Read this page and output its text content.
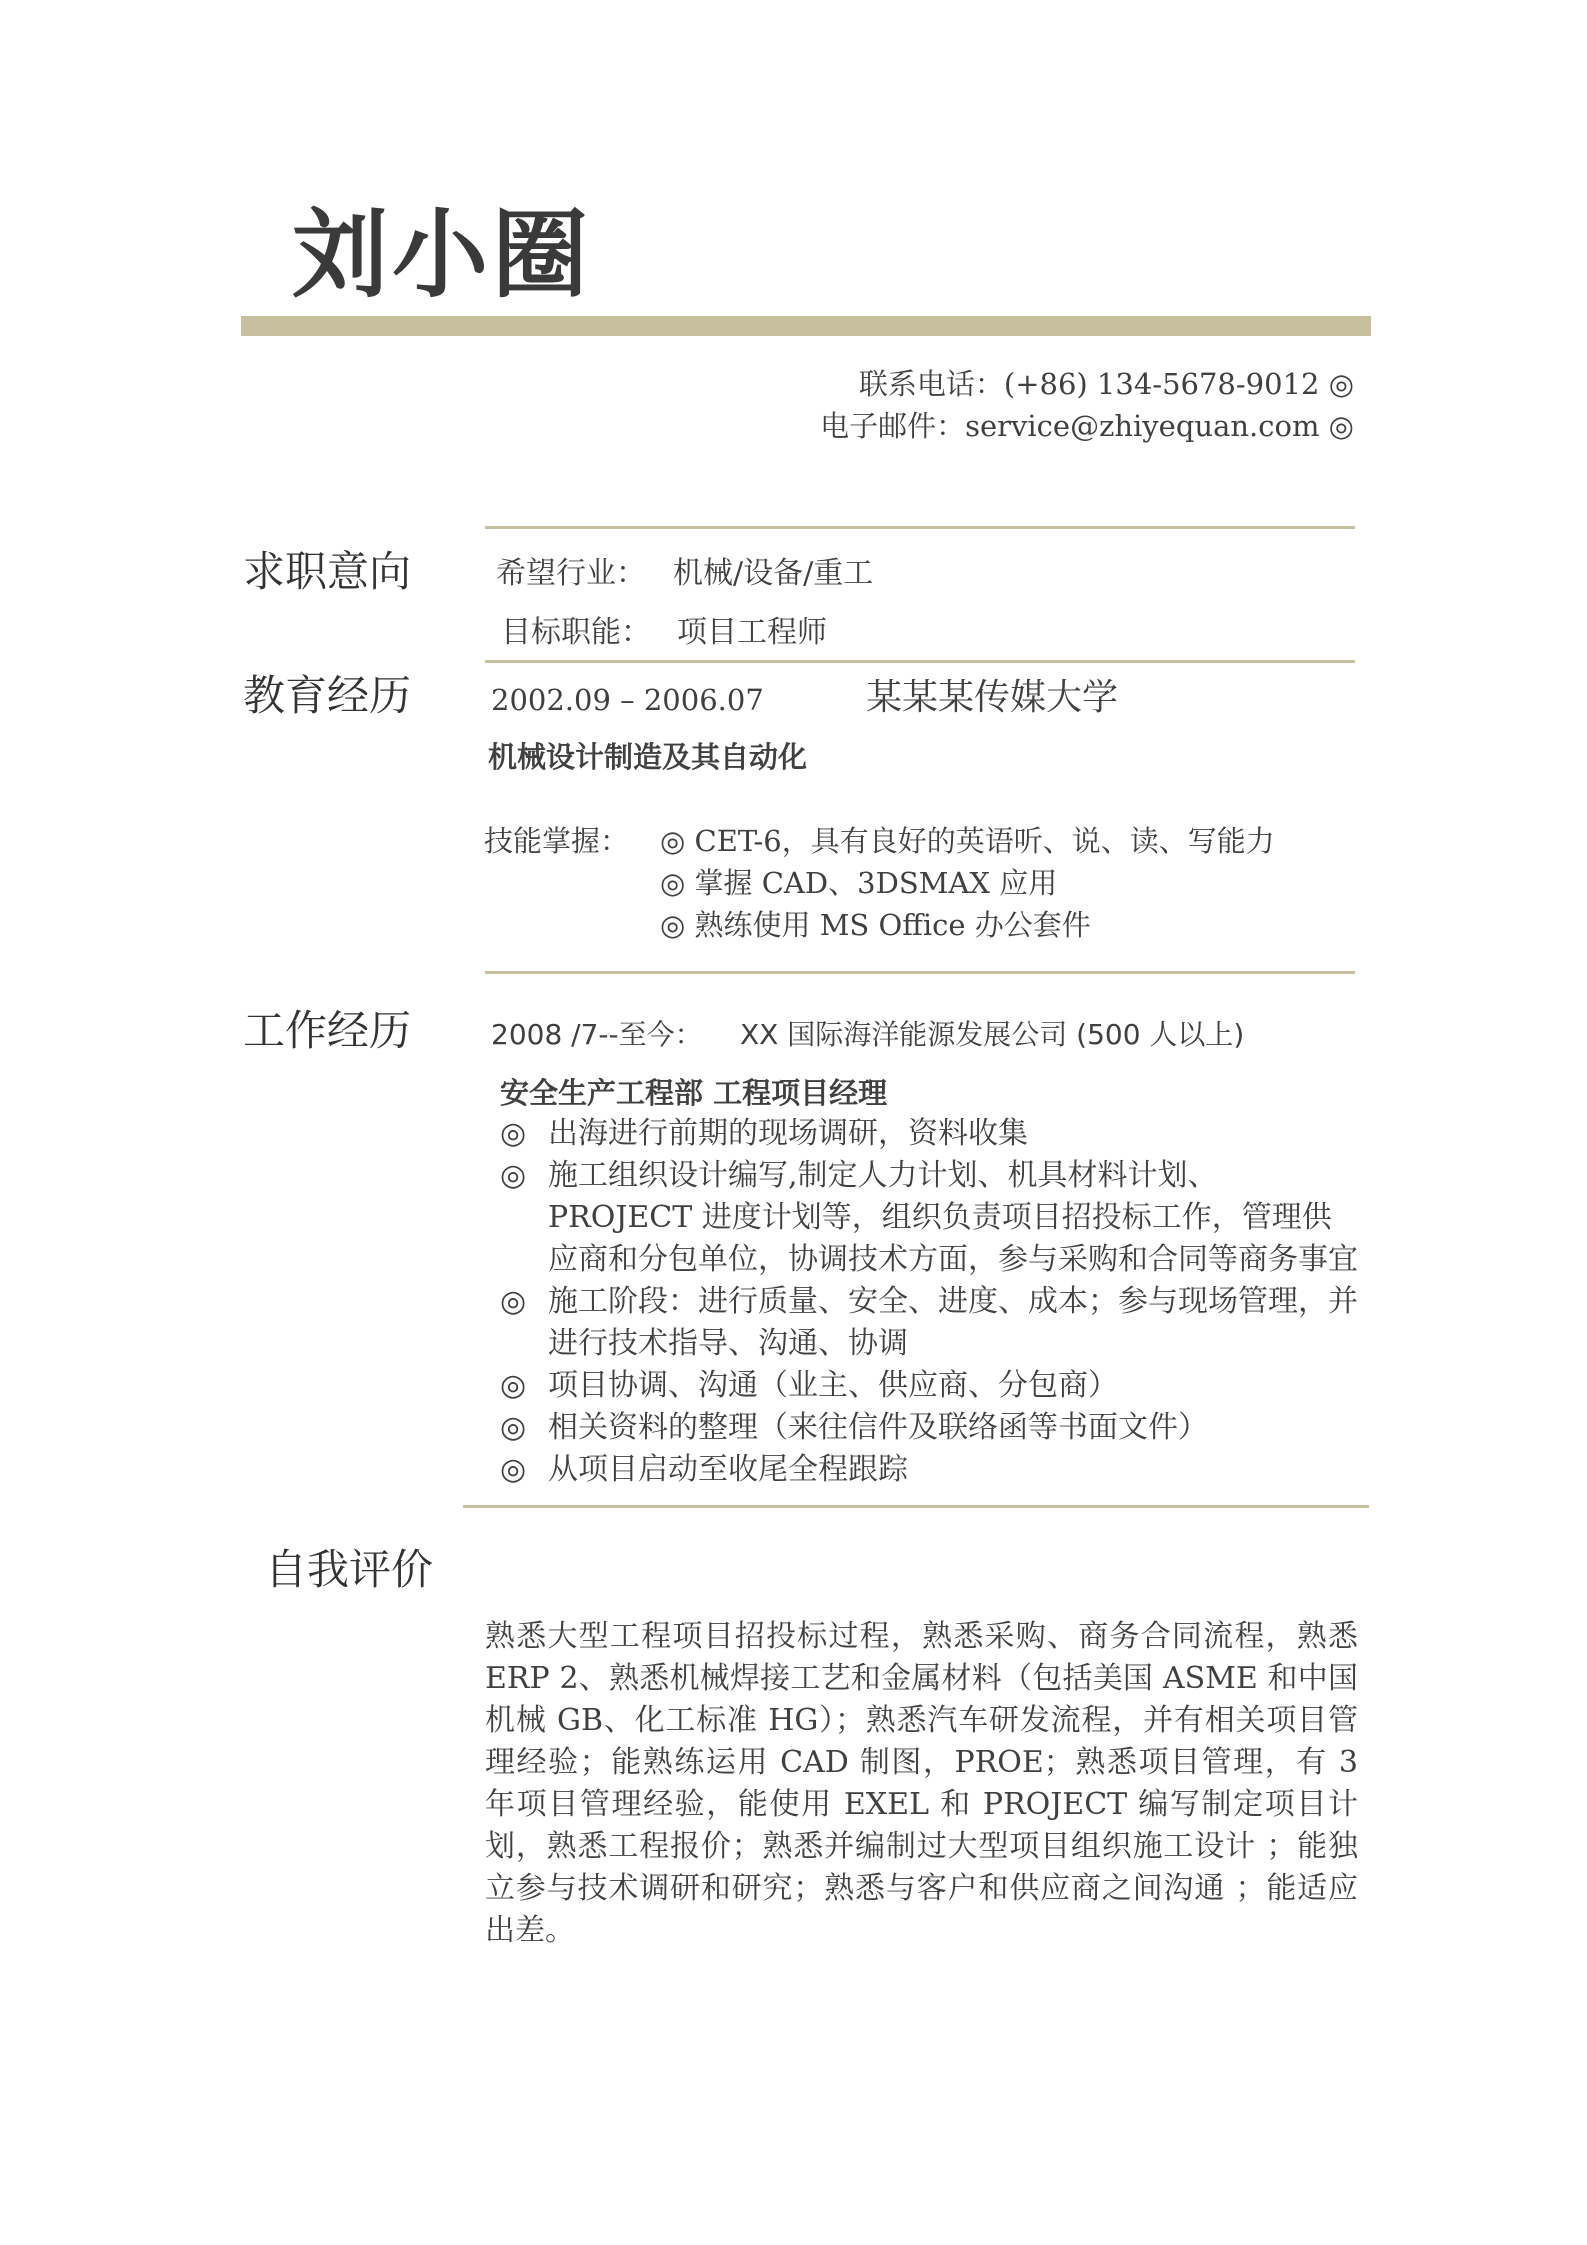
刘小圈
联系电话：(+86) 134-5678-9012 ◎
电子邮件：service@zhiyequan.com ◎
求职意向	希望行业： 机械/设备/重工
目标职能： 项目工程师
教育经历	2002.09 – 2006.07	某某某传媒大学
机械设计制造及其自动化
技能掌握： ◎ CET-6，具有良好的英语听、说、读、写能力
◎ 掌握 CAD、3DSMAX 应用
◎ 熟练使用 MS Office 办公套件
工作经历	2008 /7--至今： XX 国际海洋能源发展公司 (500 人以上)
安全生产工程部 工程项目经理
◎ 出海进行前期的现场调研，资料收集
◎ 施工组织设计编写,制定人力计划、机具材料计划、PROJECT 进度计划等，组织负责项目招投标工作，管理供应商和分包单位，协调技术方面，参与采购和合同等商务事宜
◎ 施工阶段：进行质量、安全、进度、成本；参与现场管理，并进行技术指导、沟通、协调
◎ 项目协调、沟通（业主、供应商、分包商）
◎ 相关资料的整理（来往信件及联络函等书面文件）
◎ 从项目启动至收尾全程跟踪
自我评价
熟悉大型工程项目招投标过程，熟悉采购、商务合同流程，熟悉 ERP 2、熟悉机械焊接工艺和金属材料（包括美国 ASME 和中国机械 GB、化工标准 HG）；熟悉汽车研发流程，并有相关项目管理经验；能熟练运用 CAD 制图，PROE；熟悉项目管理，有 3 年项目管理经验，能使用 EXEL 和 PROJECT 编写制定项目计划，熟悉工程报价；熟悉并编制过大型项目组织施工设计 ；能独立参与技术调研和研究；熟悉与客户和供应商之间沟通 ；能适应出差。
